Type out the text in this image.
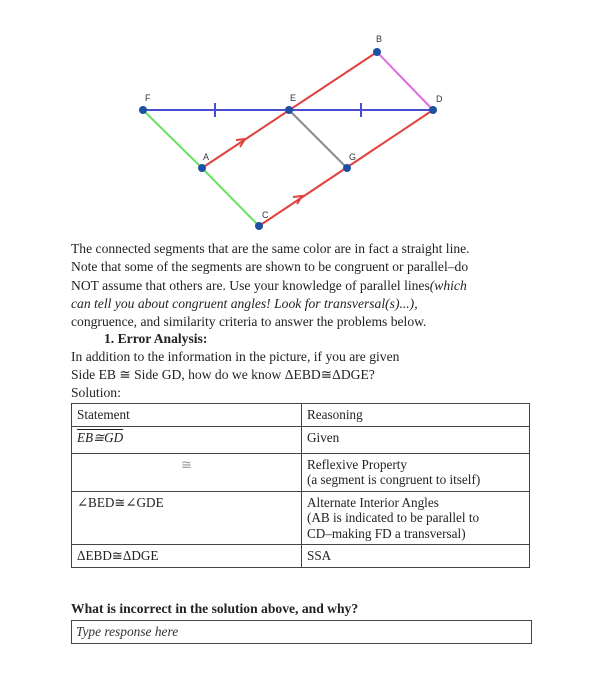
B
F	E	D
A	G
C

The connected segments that are the same color are in fact a straight line.

Note that some of the segments are shown to be congruent or parallel–do

NOT assume that others are. Use your knowledge of parallel lines(which

can tell you about congruent angles! Look for transversal(s)...),

congruence, and similarity criteria to answer the problems below.

1. Error Analysis:

In addition to the information in the picture, if you are given

Side EB ≅ Side GD, how do we know ΔEBD≅ΔDGE?

Solution:

Statement	Reasoning
EB≅GD	Given
≅	Reflexive Property
(a segment is congruent to itself)

∠BED≅∠GDE	Alternate Interior Angles
(AB is indicated to be parallel to
CD–making FD a transversal)

ΔEBD≅ΔDGE	SSA
What is incorrect in the solution above, and why?
Type response here
